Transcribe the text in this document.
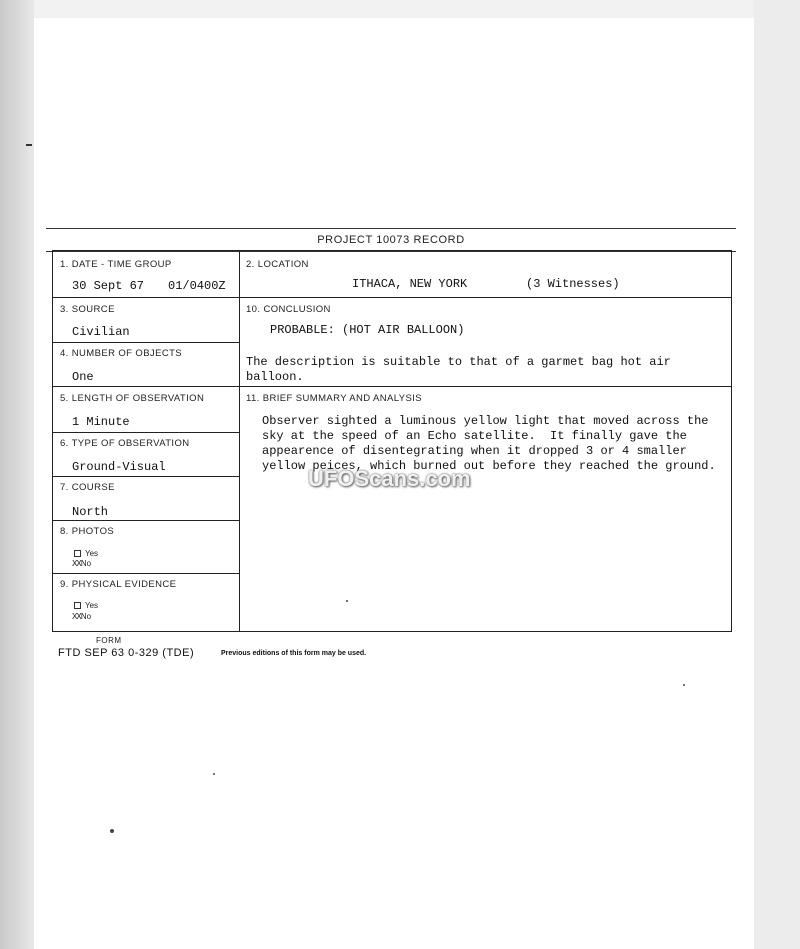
PROJECT 10073 RECORD
1. DATE - TIME GROUP
30 Sept 67 01/0400Z
2. LOCATION
ITHACA, NEW YORK	(3 Witnesses)
3. SOURCE
Civilian
10. CONCLUSION
PROBABLE: (HOT AIR BALLOON)
The description is suitable to that of a garmet bag hot air
balloon.
4. NUMBER OF OBJECTS
One
5. LENGTH OF OBSERVATION
1 Minute
11. BRIEF SUMMARY AND ANALYSIS
Observer sighted a luminous yellow light that moved across the
sky at the speed of an Echo satellite.  It finally gave the
appearence of disentegrating when it dropped 3 or 4 smaller
yellow peices, which burned out before they reached the ground.
6. TYPE OF OBSERVATION
Ground-Visual
7. COURSE
North
8. PHOTOS
Yes
XXNo
9. PHYSICAL EVIDENCE
Yes
XXNo
FORM
FTD SEP 63 0-329 (TDE)	Previous editions of this form may be used.
UFOScans.com
